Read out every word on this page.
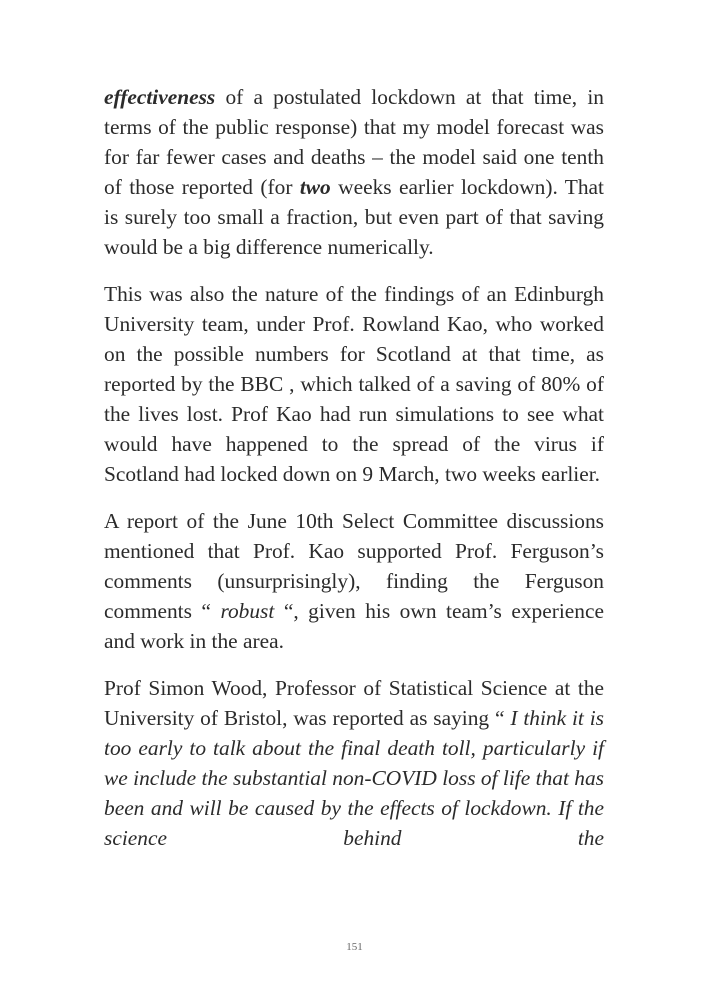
effectiveness of a postulated lockdown at that time, in terms of the public response) that my model forecast was for far fewer cases and deaths – the model said one tenth of those reported (for two weeks earlier lockdown). That is surely too small a fraction, but even part of that saving would be a big difference numerically.

This was also the nature of the findings of an Edinburgh University team, under Prof. Rowland Kao, who worked on the possible numbers for Scotland at that time, as reported by the BBC , which talked of a saving of 80% of the lives lost. Prof Kao had run simulations to see what would have happened to the spread of the virus if Scotland had locked down on 9 March, two weeks earlier.

A report of the June 10th Select Committee discussions mentioned that Prof. Kao supported Prof. Ferguson’s comments (unsurprisingly), finding the Ferguson comments “ robust “, given his own team’s experience and work in the area.

Prof Simon Wood, Professor of Statistical Science at the University of Bristol, was reported as saying “ I think it is too early to talk about the final death toll, particularly if we include the substantial non-COVID loss of life that has been and will be caused by the effects of lockdown. If the science behind the

151
